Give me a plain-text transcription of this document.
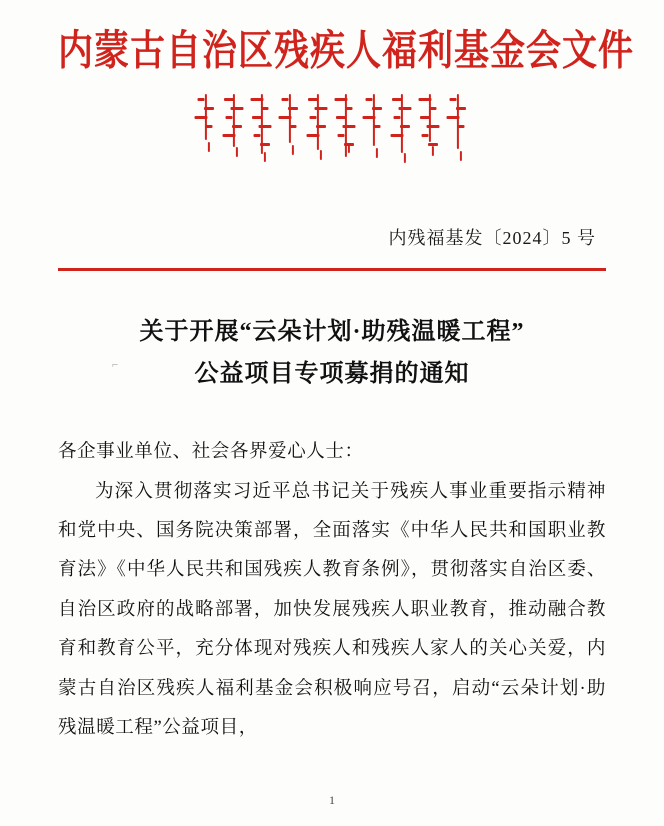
内蒙古自治区残疾人福利基金会文件
内残福基发〔2024〕5 号
关于开展“云朵计划·助残温暖工程”
公益项目专项募捐的通知
⌐

各企事业单位、社会各界爱心人士：

为深入贯彻落实习近平总书记关于残疾人事业重要指示精神和党中央、国务院决策部署，全面落实《中华人民共和国职业教育法》《中华人民共和国残疾人教育条例》，贯彻落实自治区委、自治区政府的战略部署，加快发展残疾人职业教育，推动融合教育和教育公平，充分体现对残疾人和残疾人家人的关心关爱，内蒙古自治区残疾人福利基金会积极响应号召，启动“云朵计划·助残温暖工程”公益项目，

1
